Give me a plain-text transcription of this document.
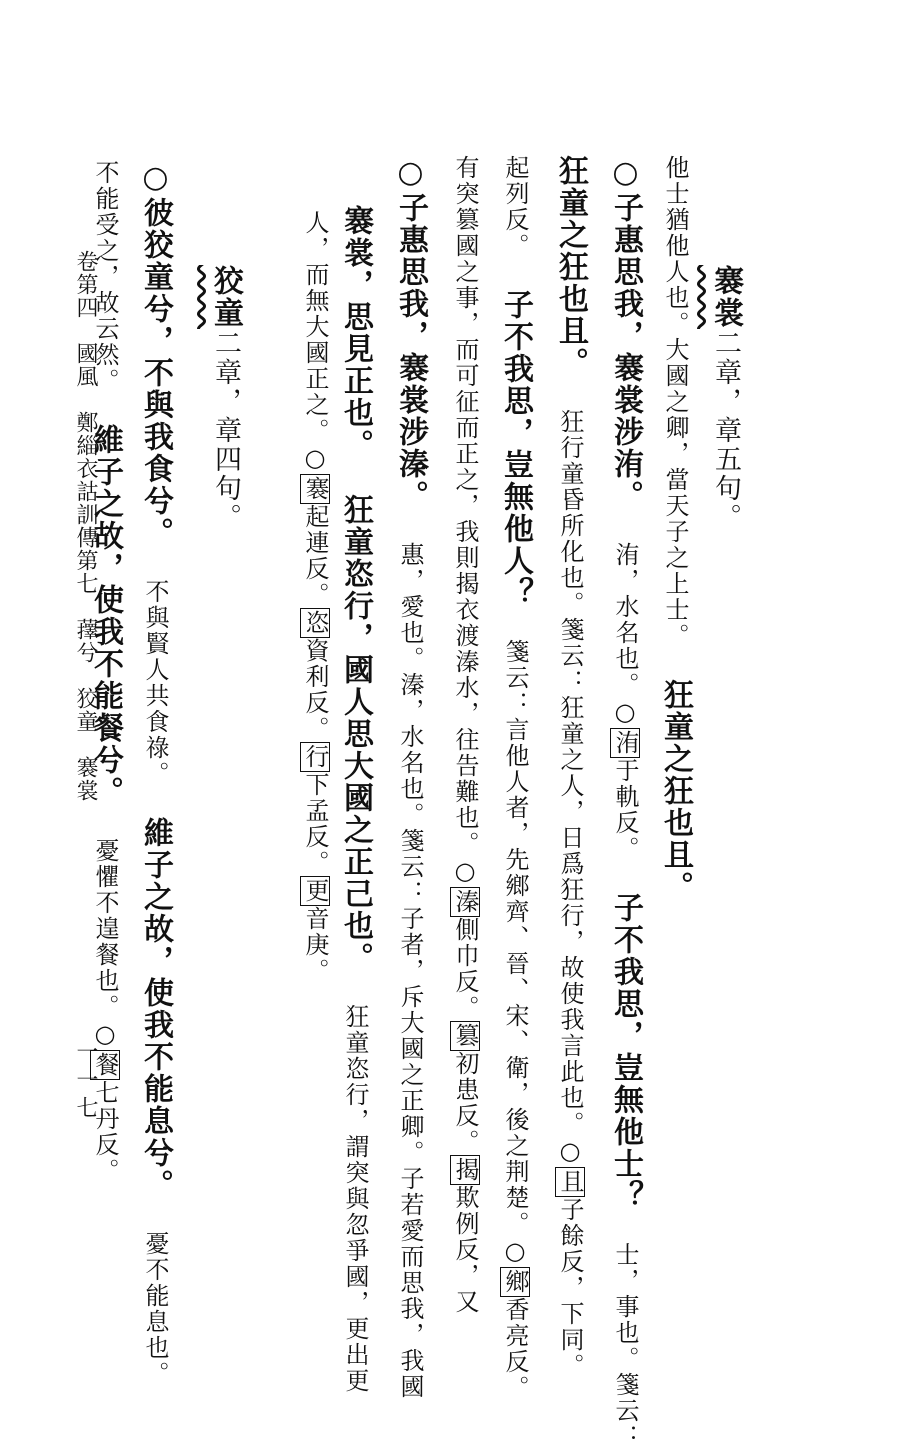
不能受之，故云然。 維子之故，使我不能餐兮。 憂懼不遑餐也。○餐七丹反。
○彼狡童兮，不與我食兮。 不與賢人共食祿。 維子之故，使我不能息兮。 憂不能息也。
狡童二章，章四句。	人，而無大國正之。○褰起連反。恣資利反。行下孟反。更音庚。
褰裳，思見正也。 狂童恣行，國人思大國之正己也。 狂童恣行，謂突與忽爭國，更出更
○子惠思我，褰裳涉溱。 惠，愛也。溱，水名也。箋云：子者，斥大國之正卿。子若愛而思我，我國 有突篡國之事，而可征而正之，我則揭衣渡溱水，往告難也。○溱側巾反。篡初患反。揭欺例反，又
起列反。 子不我思，豈無他人？ 箋云：言他人者，先鄉齊、晉、宋、衛，後之荆楚。○鄉香亮反。
狂童之狂也且。 狂行童昏所化也。箋云：狂童之人，日爲狂行，故使我言此也。○且子餘反，下同。
○子惠思我，褰裳涉洧。 洧，水名也。○洧于軌反。 子不我思，豈無他士？ 士，事也。箋云：
他士猶他人也。大國之卿，當天子之上士。 狂童之狂也且。
褰裳二章，章五句。
卷第四　國風　鄭緇衣詁訓傳第七　蘀兮　狡童　褰裳
一一七
